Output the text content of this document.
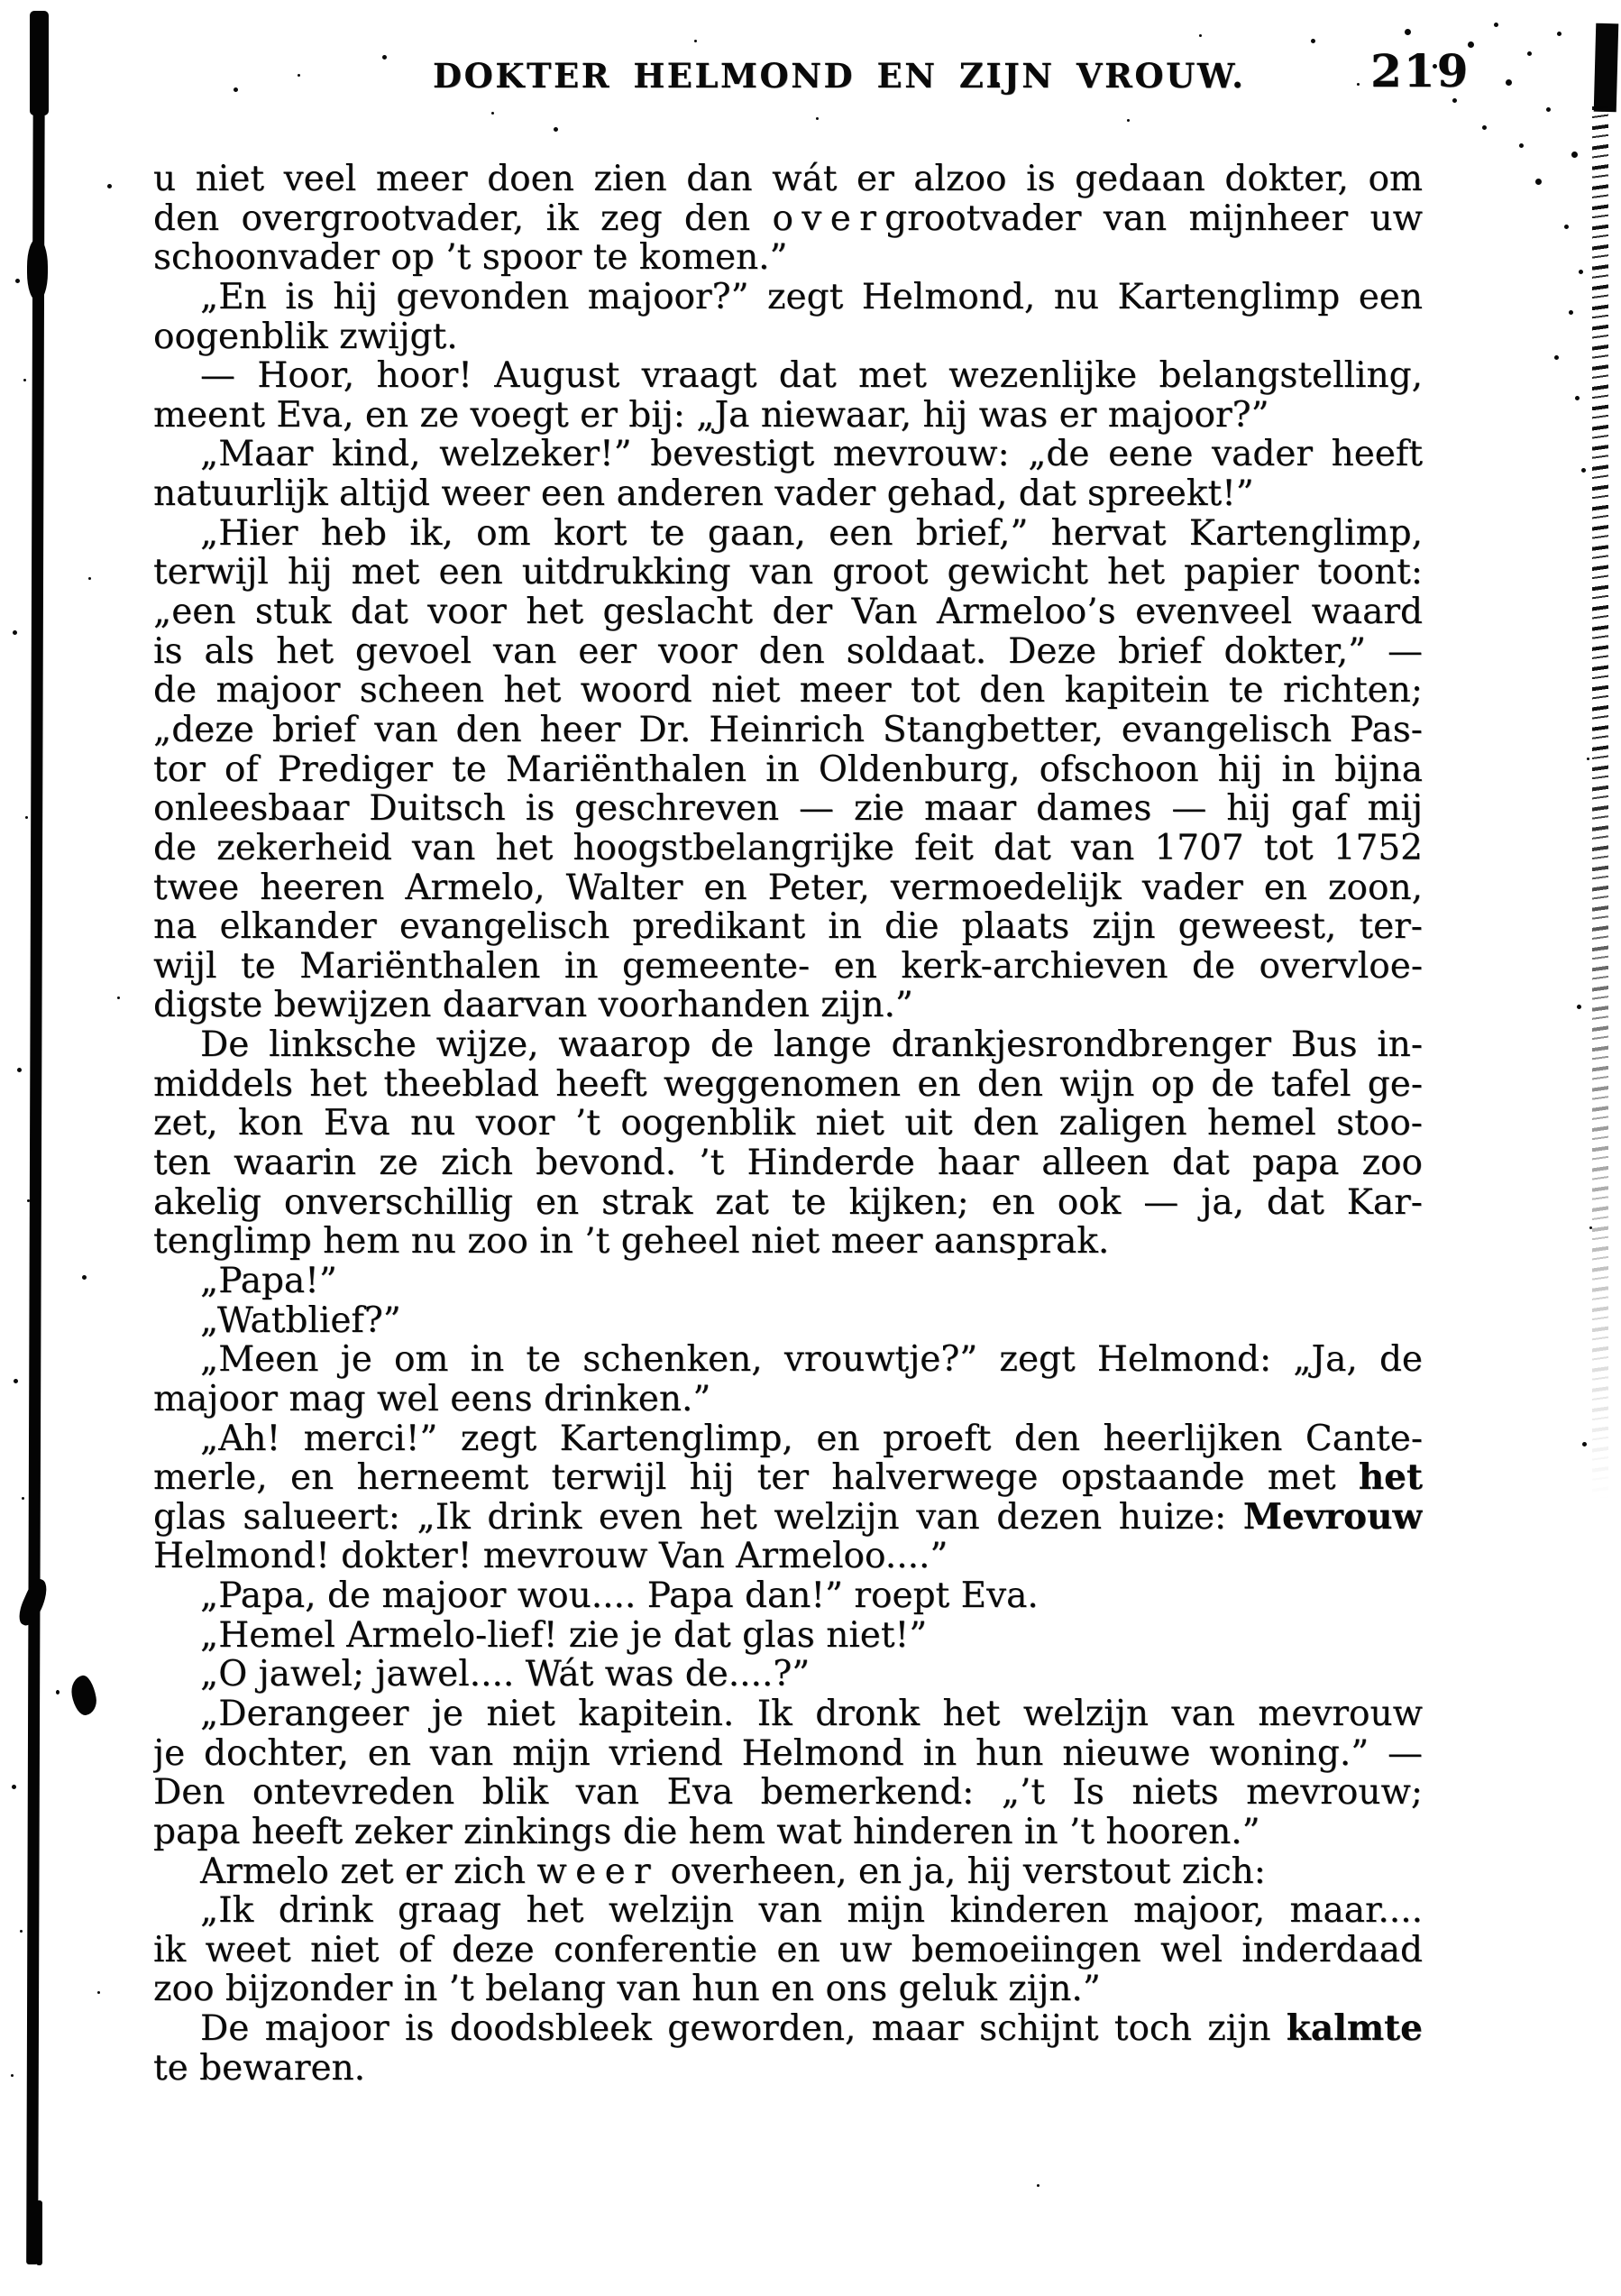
DOKTER HELMOND EN ZIJN VROUW.	219
u niet veel meer doen zien dan wát er alzoo is gedaan dokter, om
den overgrootvader, ik zeg den overgrootvader van mijnheer uw
schoonvader op ’t spoor te komen.”
„En is hij gevonden majoor?” zegt Helmond, nu Kartenglimp een
oogenblik zwijgt.
— Hoor, hoor! August vraagt dat met wezenlijke belangstelling,
meent Eva, en ze voegt er bij: „Ja niewaar, hij was er majoor?”
„Maar kind, welzeker!” bevestigt mevrouw: „de eene vader heeft
natuurlijk altijd weer een anderen vader gehad, dat spreekt!”
„Hier heb ik, om kort te gaan, een brief,” hervat Kartenglimp,
terwijl hij met een uitdrukking van groot gewicht het papier toont:
„een stuk dat voor het geslacht der Van Armeloo’s evenveel waard
is als het gevoel van eer voor den soldaat. Deze brief dokter,” —
de majoor scheen het woord niet meer tot den kapitein te richten;
„deze brief van den heer Dr. Heinrich Stangbetter, evangelisch Pas-
tor of Prediger te Mariënthalen in Oldenburg, ofschoon hij in bijna
onleesbaar Duitsch is geschreven — zie maar dames — hij gaf mij
de zekerheid van het hoogstbelangrijke feit dat van 1707 tot 1752
twee heeren Armelo, Walter en Peter, vermoedelijk vader en zoon,
na elkander evangelisch predikant in die plaats zijn geweest, ter-
wijl te Mariënthalen in gemeente- en kerk-archieven de overvloe-
digste bewijzen daarvan voorhanden zijn.”
De linksche wijze, waarop de lange drankjesrondbrenger Bus in-
middels het theeblad heeft weggenomen en den wijn op de tafel ge-
zet, kon Eva nu voor ’t oogenblik niet uit den zaligen hemel stoo-
ten waarin ze zich bevond. ’t Hinderde haar alleen dat papa zoo
akelig onverschillig en strak zat te kijken; en ook — ja, dat Kar-
tenglimp hem nu zoo in ’t geheel niet meer aansprak.
„Papa!”
„Watblief?”
„Meen je om in te schenken, vrouwtje?” zegt Helmond: „Ja, de
majoor mag wel eens drinken.”
„Ah! merci!” zegt Kartenglimp, en proeft den heerlijken Cante-
merle, en herneemt terwijl hij ter halverwege opstaande met het
glas salueert: „Ik drink even het welzijn van dezen huize: Mevrouw
Helmond! dokter! mevrouw Van Armeloo....”
„Papa, de majoor wou.... Papa dan!” roept Eva.
„Hemel Armelo-lief! zie je dat glas niet!”
„O jawel; jawel.... Wát was de....?”
„Derangeer je niet kapitein. Ik dronk het welzijn van mevrouw
je dochter, en van mijn vriend Helmond in hun nieuwe woning.” —
Den ontevreden blik van Eva bemerkend: „’t Is niets mevrouw;
papa heeft zeker zinkings die hem wat hinderen in ’t hooren.”
Armelo zet er zich weer overheen, en ja, hij verstout zich:
„Ik drink graag het welzijn van mijn kinderen majoor, maar....
ik weet niet of deze conferentie en uw bemoeiingen wel inderdaad
zoo bijzonder in ’t belang van hun en ons geluk zijn.”
De majoor is doodsbleek geworden, maar schijnt toch zijn kalmte
te bewaren.
